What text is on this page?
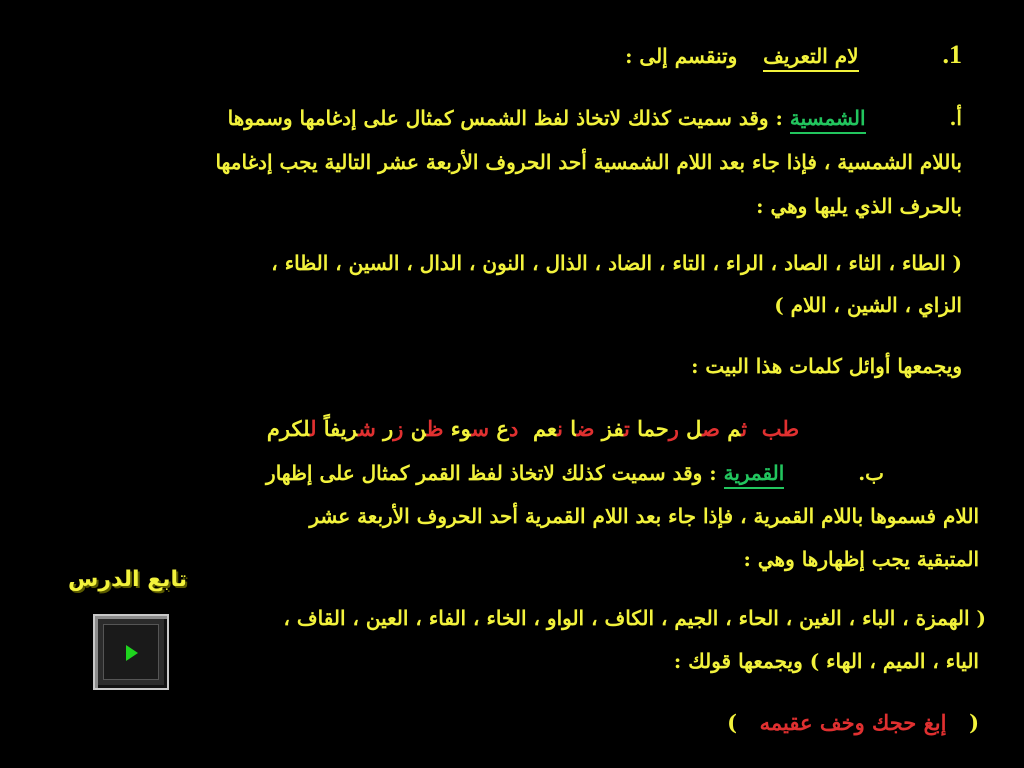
1.  لام التعريف  وتنقسم إلى :
أ.  الشمسية : وقد سميت كذلك لاتخاذ لفظ الشمس كمثال على إدغامها وسموها
باللام الشمسية ، فإذا جاء بعد اللام الشمسية أحد الحروف الأربعة عشر التالية يجب إدغامها
بالحرف الذي يليها وهي :
( الطاء ، الثاء ، الصاد ، الراء ، التاء ، الضاد ، الذال ، النون ، الدال ، السين ، الظاء ،
الزاي ، الشين ، اللام )
ويجمعها أوائل كلمات هذا البيت :
طب  ثم صل رحما تفز ضا نعم  دع سوء ظن زر شريفاً للكرم
ب.  القمرية : وقد سميت كذلك لاتخاذ لفظ القمر كمثال على إظهار
اللام فسموها باللام القمرية ، فإذا جاء بعد اللام القمرية أحد الحروف الأربعة عشر
المتبقية يجب إظهارها وهي :
( الهمزة ، الباء ، الغين ، الحاء ، الجيم ، الكاف ، الواو ، الخاء ، الفاء ، العين ، القاف ،
الياء ، الميم ، الهاء ) ويجمعها قولك :
(  إبغ حجك وخف عقيمه  )
تابع الدرس
